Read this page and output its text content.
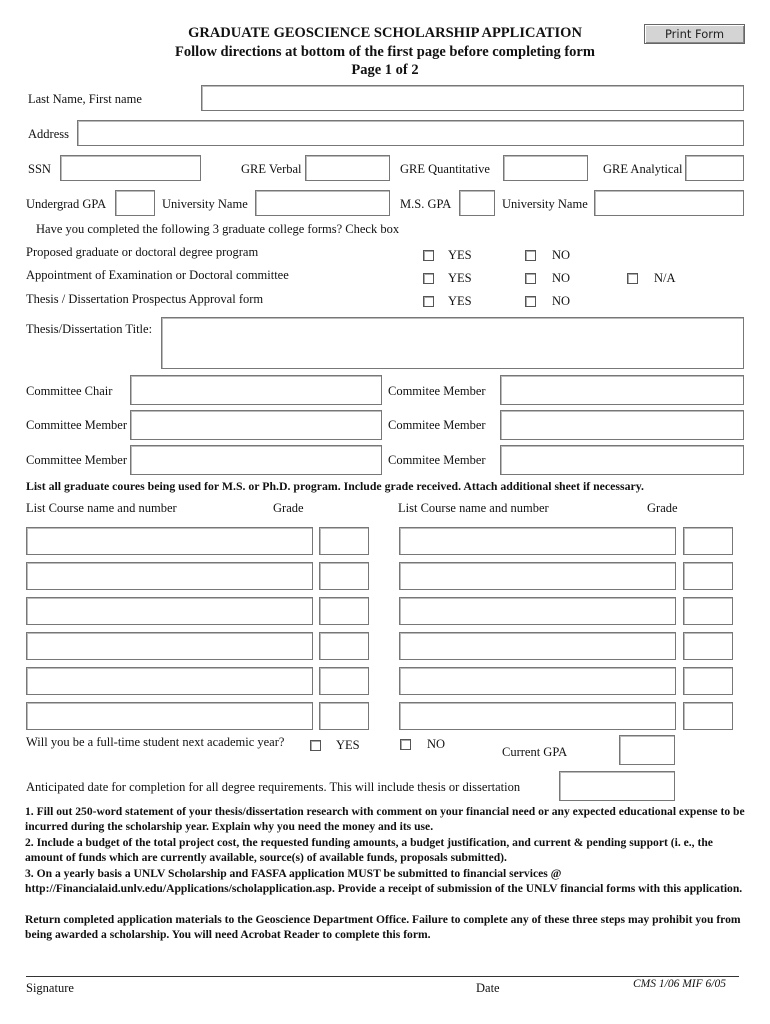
GRADUATE GEOSCIENCE SCHOLARSHIP APPLICATION
Follow directions at bottom of the first page before completing form
Page 1 of 2
Print Form
Last Name, First name
Address
SSN	GRE Verbal	GRE Quantitative	GRE Analytical
Undergrad GPA	University Name	M.S. GPA	University Name
Have you completed the following 3 graduate college forms? Check box
Proposed graduate or doctoral degree program	YES	NO
Appointment of Examination or Doctoral committee	YES	NO	N/A
Thesis / Dissertation Prospectus Approval form	YES	NO
Thesis/Dissertation Title:
Committee Chair	Commitee Member
Committee Member	Commitee Member
Committee Member	Commitee Member
List all graduate coures being used for M.S. or Ph.D. program. Include grade received. Attach additional sheet if necessary.
List Course name and number	Grade	List Course name and number	Grade
Will you be a full-time student next academic year?	YES	NO
Current GPA
Anticipated date for completion for all degree requirements. This will include thesis or dissertation
1. Fill out 250-word statement of your thesis/dissertation research with comment on your financial need or any expected educational expense to be incurred during the scholarship year. Explain why you need the money and its use.
2. Include a budget of the total project cost, the requested funding amounts, a budget justification, and current & pending support (i. e., the amount of funds which are currently available, source(s) of available funds, proposals submitted).
3. On a yearly basis a UNLV Scholarship and FASFA application MUST be submitted to financial services @ http://Financialaid.unlv.edu/Applications/scholapplication.asp. Provide a receipt of submission of the UNLV financial forms with this application.
Return completed application materials to the Geoscience Department Office. Failure to complete any of these three steps may prohibit you from being awarded a scholarship. You will need Acrobat Reader to complete this form.
Signature	Date	CMS 1/06 MIF 6/05
